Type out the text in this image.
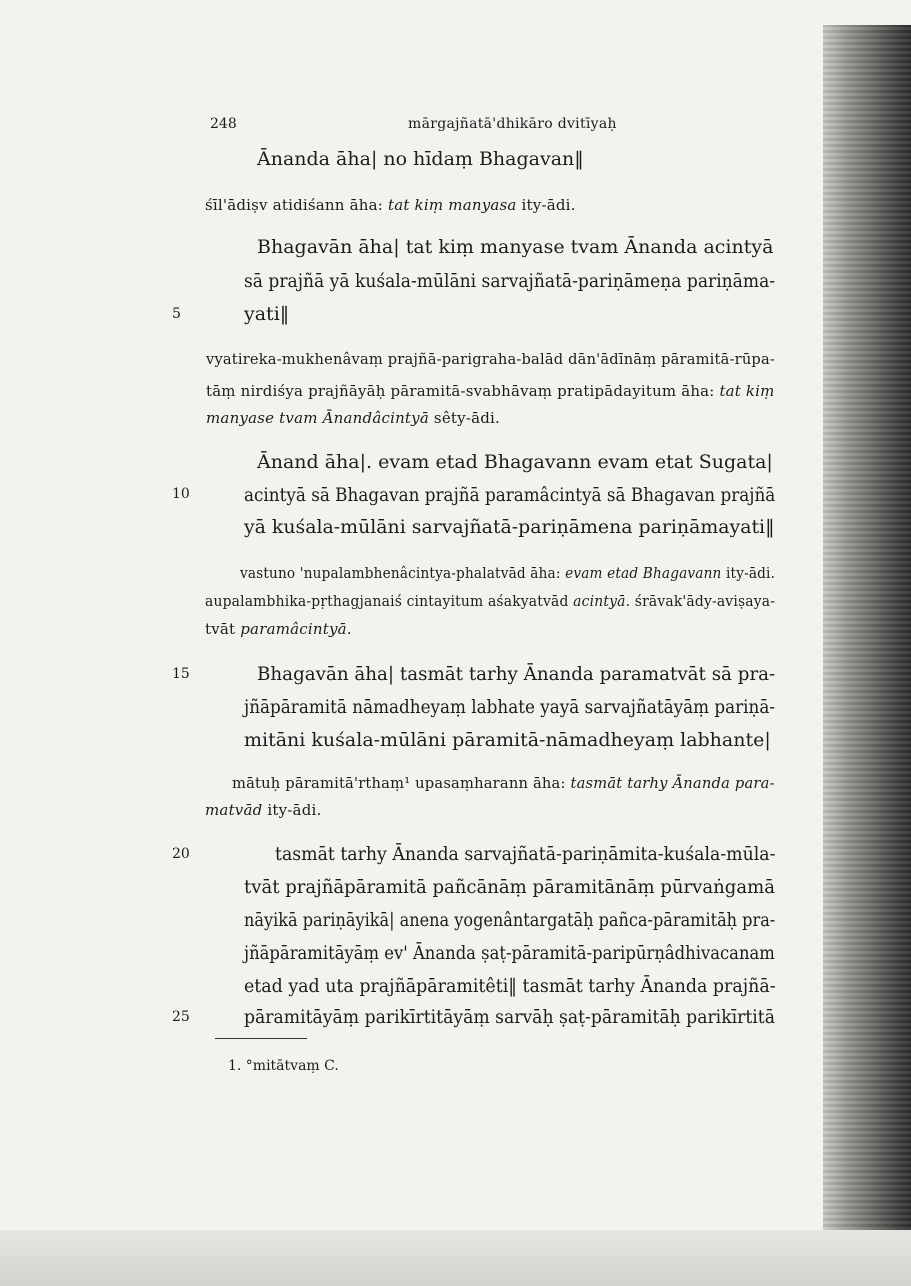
248	mārgajñatā'dhikāro dvitīyaḥ
Ānanda āha| no hīdaṃ Bhagavan‖
śīl'ādiṣv atidiśann āha: tat kiṃ manyasa ity-ādi.
Bhagavān āha| tat kiṃ manyase tvam Ānanda acintyā
sā prajñā yā kuśala-mūlāni sarvajñatā-pariṇāmeṇa pariṇāma-
yati‖
5
vyatireka-mukhenâvaṃ prajñā-parigraha-balād dān'ādīnāṃ pāramitā-rūpa-
tāṃ nirdiśya prajñāyāḥ pāramitā-svabhāvaṃ pratipādayitum āha: tat kiṃ
manyase tvam Ānandâcintyā sêty-ādi.
Ānand āha|. evam etad Bhagavann evam etat Sugata|
acintyā sā Bhagavan prajñā paramâcintyā sā Bhagavan prajñā
10
yā kuśala-mūlāni sarvajñatā-pariṇāmena pariṇāmayati‖
vastuno 'nupalambhenâcintya-phalatvād āha: evam etad Bhagavann ity-ādi.
aupalambhika-pṛthagjanaiś cintayitum aśakyatvād acintyā. śrāvak'ādy-aviṣaya-
tvāt paramâcintyā.
15	Bhagavān āha| tasmāt tarhy Ānanda paramatvāt sā pra-
jñāpāramitā nāmadheyaṃ labhate yayā sarvajñatāyāṃ pariṇā-
mitāni kuśala-mūlāni pāramitā-nāmadheyaṃ labhante|
mātuḥ pāramitā'rthaṃ¹ upasaṃharann āha: tasmāt tarhy Ānanda para-
matvād ity-ādi.
20	tasmāt tarhy Ānanda sarvajñatā-pariṇāmita-kuśala-mūla-
tvāt prajñāpāramitā pañcānāṃ pāramitānāṃ pūrvaṅgamā
nāyikā pariṇāyikā| anena yogenântargatāḥ pañca-pāramitāḥ pra-
jñāpāramitāyāṃ ev' Ānanda ṣaṭ-pāramitā-paripūrṇâdhivacanam
etad yad uta prajñāpāramitêti‖ tasmāt tarhy Ānanda prajñā-
25	pāramitāyāṃ parikīrtitāyāṃ sarvāḥ ṣaṭ-pāramitāḥ parikīrtitā
1. °mitātvaṃ C.
